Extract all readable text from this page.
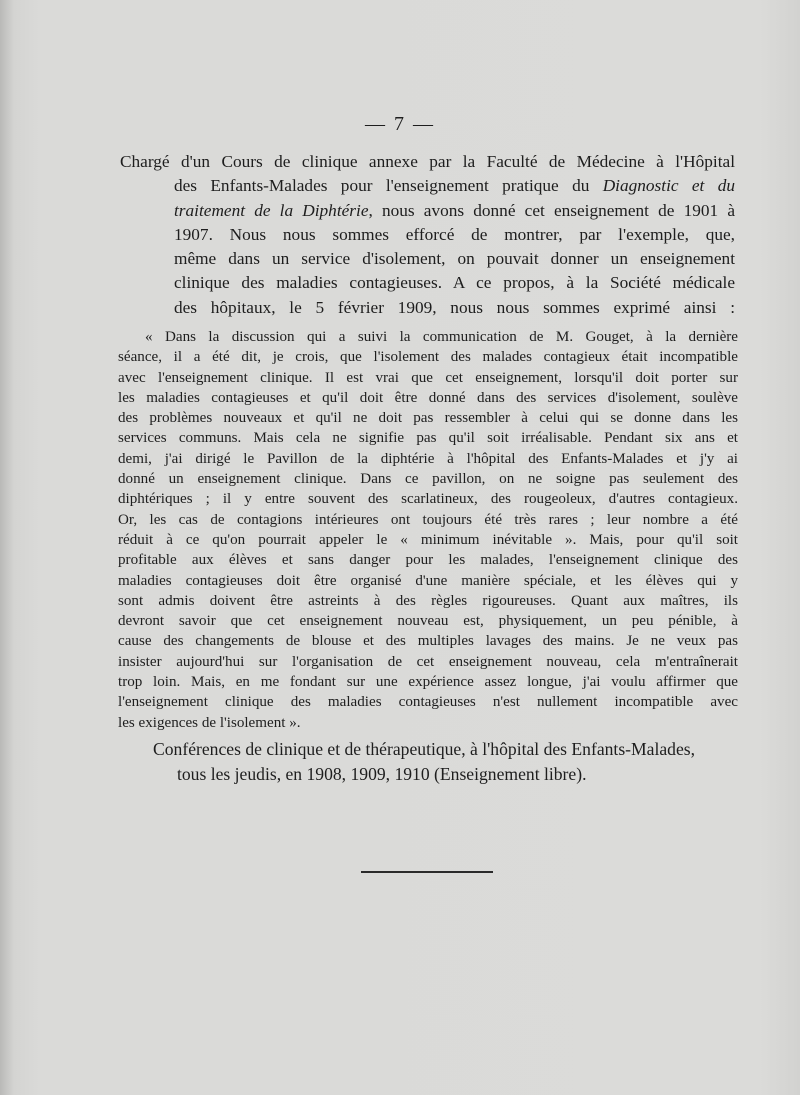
— 7 —
Chargé d'un Cours de clinique annexe par la Faculté de Médecine à l'Hôpital
des Enfants-Malades pour l'enseignement pratique du Diagnostic et du
traitement de la Diphtérie, nous avons donné cet enseignement de 1901 à
1907. Nous nous sommes efforcé de montrer, par l'exemple, que,
même dans un service d'isolement, on pouvait donner un enseignement
clinique des maladies contagieuses. A ce propos, à la Société médicale
des hôpitaux, le 5 février 1909, nous nous sommes exprimé ainsi :
« Dans la discussion qui a suivi la communication de M. Gouget, à la dernière
séance, il a été dit, je crois, que l'isolement des malades contagieux était incompatible
avec l'enseignement clinique. Il est vrai que cet enseignement, lorsqu'il doit porter sur
les maladies contagieuses et qu'il doit être donné dans des services d'isolement, soulève
des problèmes nouveaux et qu'il ne doit pas ressembler à celui qui se donne dans les
services communs. Mais cela ne signifie pas qu'il soit irréalisable. Pendant six ans et
demi, j'ai dirigé le Pavillon de la diphtérie à l'hôpital des Enfants-Malades et j'y ai
donné un enseignement clinique. Dans ce pavillon, on ne soigne pas seulement des
diphtériques ; il y entre souvent des scarlatineux, des rougeoleux, d'autres contagieux.
Or, les cas de contagions intérieures ont toujours été très rares ; leur nombre a été
réduit à ce qu'on pourrait appeler le « minimum inévitable ». Mais, pour qu'il soit
profitable aux élèves et sans danger pour les malades, l'enseignement clinique des
maladies contagieuses doit être organisé d'une manière spéciale, et les élèves qui y
sont admis doivent être astreints à des règles rigoureuses. Quant aux maîtres, ils
devront savoir que cet enseignement nouveau est, physiquement, un peu pénible, à
cause des changements de blouse et des multiples lavages des mains. Je ne veux pas
insister aujourd'hui sur l'organisation de cet enseignement nouveau, cela m'entraînerait
trop loin. Mais, en me fondant sur une expérience assez longue, j'ai voulu affirmer que
l'enseignement clinique des maladies contagieuses n'est nullement incompatible avec
les exigences de l'isolement ».
Conférences de clinique et de thérapeutique, à l'hôpital des Enfants-Malades,
tous les jeudis, en 1908, 1909, 1910 (Enseignement libre).
